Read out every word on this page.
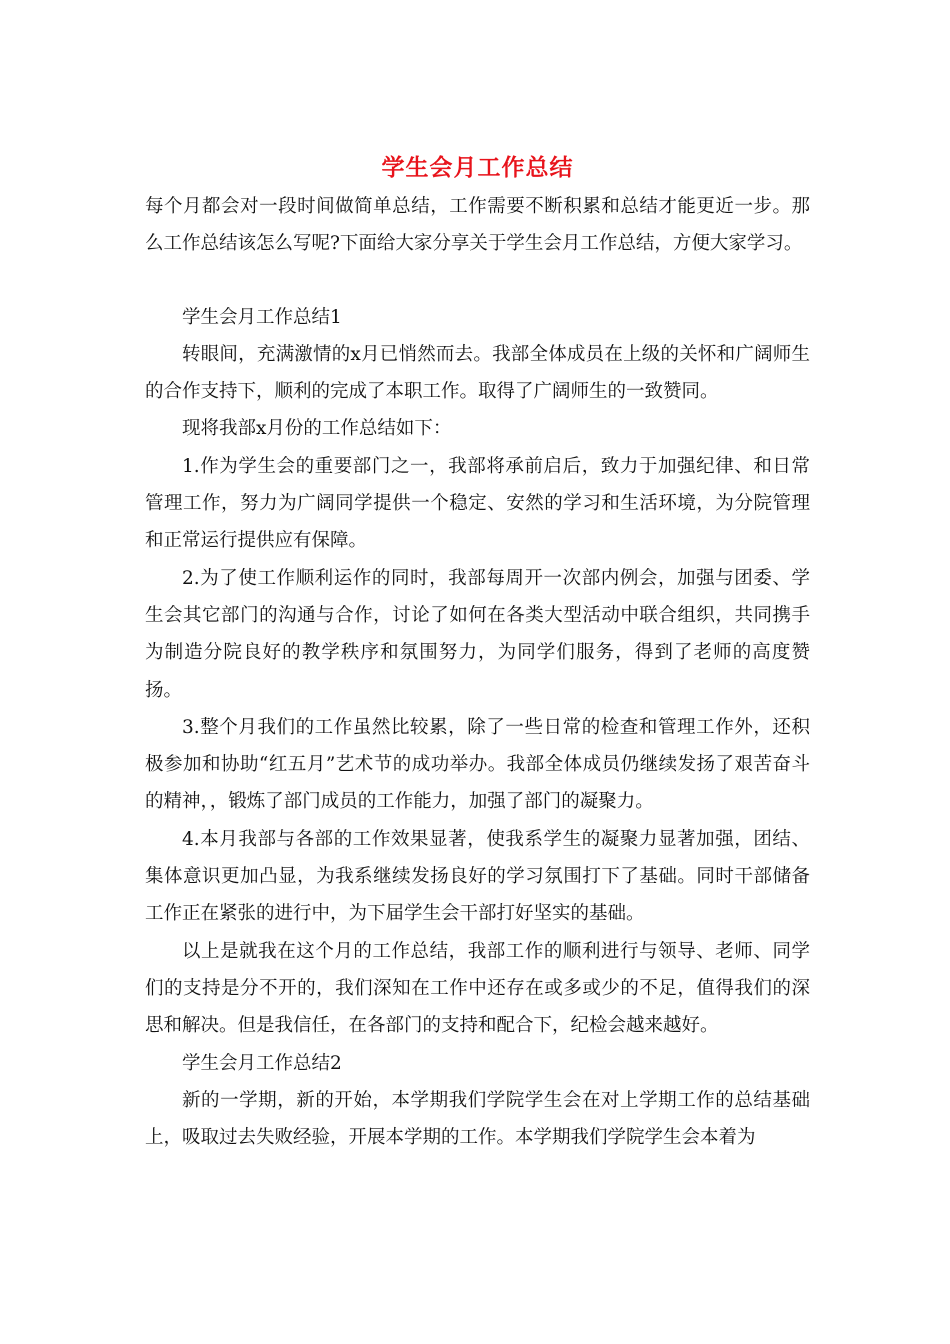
学生会月工作总结

每个月都会对一段时间做简单总结，工作需要不断积累和总结才能更近一步。那么工作总结该怎么写呢?下面给大家分享关于学生会月工作总结，方便大家学习。

学生会月工作总结1

转眼间，充满激情的x月已悄然而去。我部全体成员在上级的关怀和广阔师生的合作支持下，顺利的完成了本职工作。取得了广阔师生的一致赞同。

现将我部x月份的工作总结如下：

1.作为学生会的重要部门之一，我部将承前启后，致力于加强纪律、和日常管理工作，努力为广阔同学提供一个稳定、安然的学习和生活环境，为分院管理和正常运行提供应有保障。

2.为了使工作顺利运作的同时，我部每周开一次部内例会，加强与团委、学生会其它部门的沟通与合作，讨论了如何在各类大型活动中联合组织，共同携手为制造分院良好的教学秩序和氛围努力，为同学们服务，得到了老师的高度赞扬。

3.整个月我们的工作虽然比较累，除了一些日常的检查和管理工作外，还积极参加和协助“红五月”艺术节的成功举办。我部全体成员仍继续发扬了艰苦奋斗的精神，，锻炼了部门成员的工作能力，加强了部门的凝聚力。

4.本月我部与各部的工作效果显著，使我系学生的凝聚力显著加强，团结、集体意识更加凸显，为我系继续发扬良好的学习氛围打下了基础。同时干部储备工作正在紧张的进行中，为下届学生会干部打好坚实的基础。

以上是就我在这个月的工作总结，我部工作的顺利进行与领导、老师、同学们的支持是分不开的，我们深知在工作中还存在或多或少的不足，值得我们的深思和解决。但是我信任，在各部门的支持和配合下，纪检会越来越好。

学生会月工作总结2

新的一学期，新的开始，本学期我们学院学生会在对上学期工作的总结基础上，吸取过去失败经验，开展本学期的工作。本学期我们学院学生会本着为
